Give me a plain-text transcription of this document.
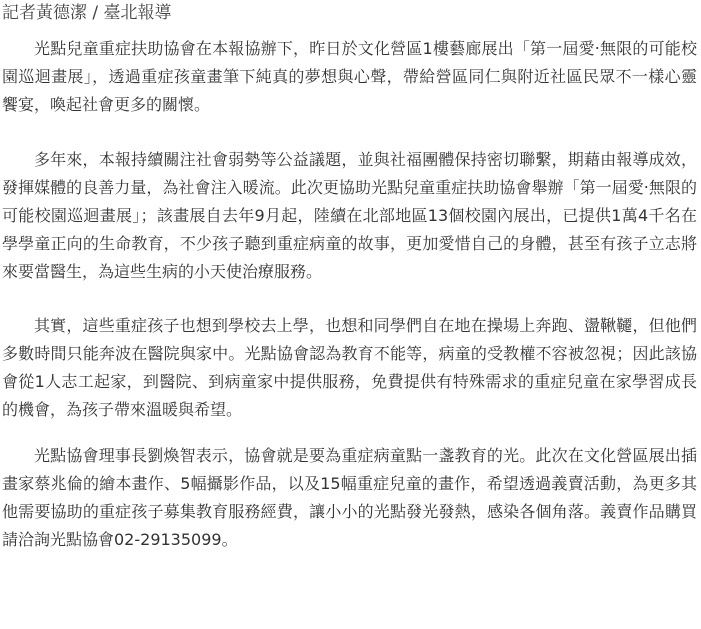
記者黃德潔 / 臺北報導

光點兒童重症扶助協會在本報協辦下，昨日於文化營區1樓藝廊展出「第一屆愛‧無限的可能校園巡迴畫展」，透過重症孩童畫筆下純真的夢想與心聲，帶給營區同仁與附近社區民眾不一樣心靈饗宴，喚起社會更多的關懷。

多年來，本報持續關注社會弱勢等公益議題，並與社福團體保持密切聯繫，期藉由報導成效，發揮媒體的良善力量，為社會注入暖流。此次更協助光點兒童重症扶助協會舉辦「第一屆愛‧無限的可能校園巡迴畫展」；該畫展自去年9月起，陸續在北部地區13個校園內展出，已提供1萬4千名在學學童正向的生命教育，不少孩子聽到重症病童的故事，更加愛惜自己的身體，甚至有孩子立志將來要當醫生，為這些生病的小天使治療服務。

其實，這些重症孩子也想到學校去上學，也想和同學們自在地在操場上奔跑、盪鞦韆，但他們多數時間只能奔波在醫院與家中。光點協會認為教育不能等，病童的受教權不容被忽視；因此該協會從1人志工起家，到醫院、到病童家中提供服務，免費提供有特殊需求的重症兒童在家學習成長的機會，為孩子帶來溫暖與希望。

光點協會理事長劉煥智表示，協會就是要為重症病童點一盞教育的光。此次在文化營區展出插畫家蔡兆倫的繪本畫作、5幅攝影作品，以及15幅重症兒童的畫作，希望透過義賣活動，為更多其他需要協助的重症孩子募集教育服務經費，讓小小的光點發光發熱，感染各個角落。義賣作品購買請洽詢光點協會02-29135099。
